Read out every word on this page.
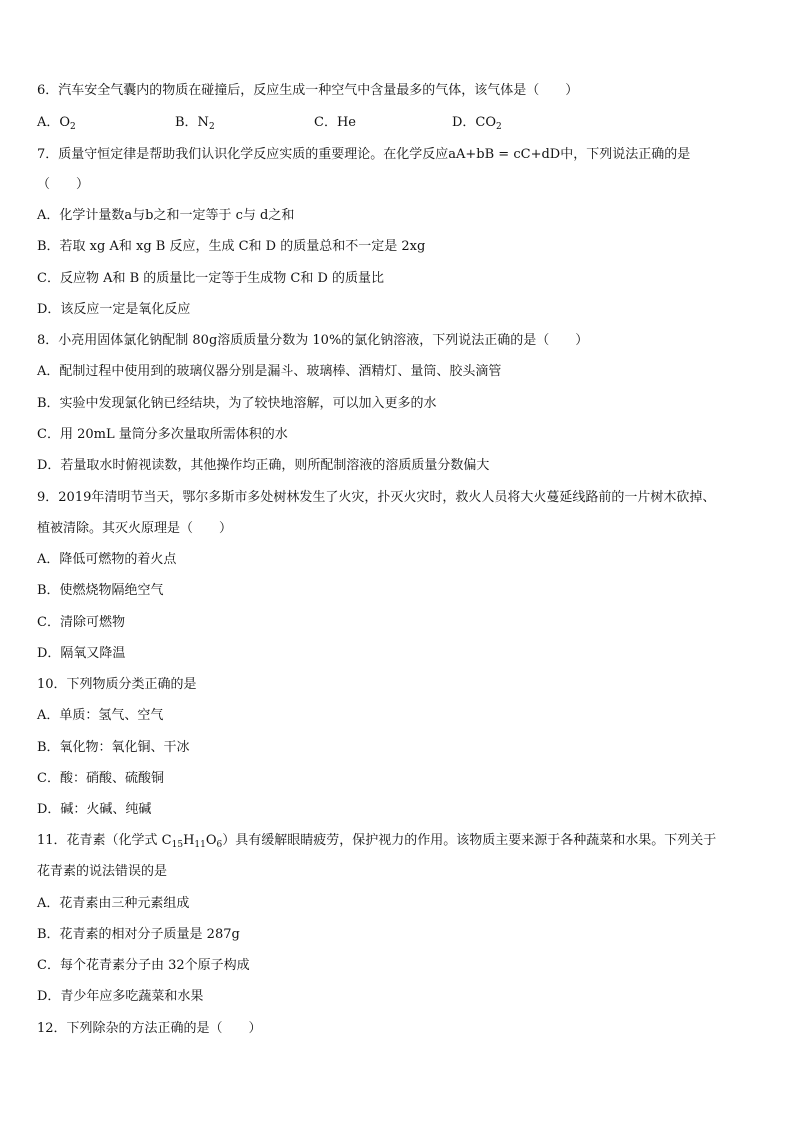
6．汽车安全气囊内的物质在碰撞后，反应生成一种空气中含量最多的气体，该气体是（　　）
A．$O_2$	B．$N_2$	C．He	D．$CO_2$
7．质量守恒定律是帮助我们认识化学反应实质的重要理论。在化学反应aA+bB = cC+dD中，下列说法正确的是
（　　）
A．化学计量数a与b之和一定等于 c与 d之和
B．若取 xg A和 xg B 反应，生成 C和 D 的质量总和不一定是 2xg
C．反应物 A和 B 的质量比一定等于生成物 C和 D 的质量比
D．该反应一定是氧化反应
8．小亮用固体氯化钠配制 80g溶质质量分数为 10%的氯化钠溶液，下列说法正确的是（　　）
A．配制过程中使用到的玻璃仪器分别是漏斗、玻璃棒、酒精灯、量筒、胶头滴管
B．实验中发现氯化钠已经结块，为了较快地溶解，可以加入更多的水
C．用 20mL 量筒分多次量取所需体积的水
D．若量取水时俯视读数，其他操作均正确，则所配制溶液的溶质质量分数偏大
9．2019年清明节当天，鄂尔多斯市多处树林发生了火灾，扑灭火灾时，救火人员将大火蔓延线路前的一片树木砍掉、
植被清除。其灭火原理是（　　）
A．降低可燃物的着火点
B．使燃烧物隔绝空气
C．清除可燃物
D．隔氧又降温
10．下列物质分类正确的是
A．单质：氢气、空气
B．氧化物：氧化铜、干冰
C．酸：硝酸、硫酸铜
D．碱：火碱、纯碱
11．花青素（化学式 $C_{15}H_{11}O_6$）具有缓解眼睛疲劳，保护视力的作用。该物质主要来源于各种蔬菜和水果。下列关于
花青素的说法错误的是
A．花青素由三种元素组成
B．花青素的相对分子质量是 287g
C．每个花青素分子由 32个原子构成
D．青少年应多吃蔬菜和水果
12．下列除杂的方法正确的是（　　）
